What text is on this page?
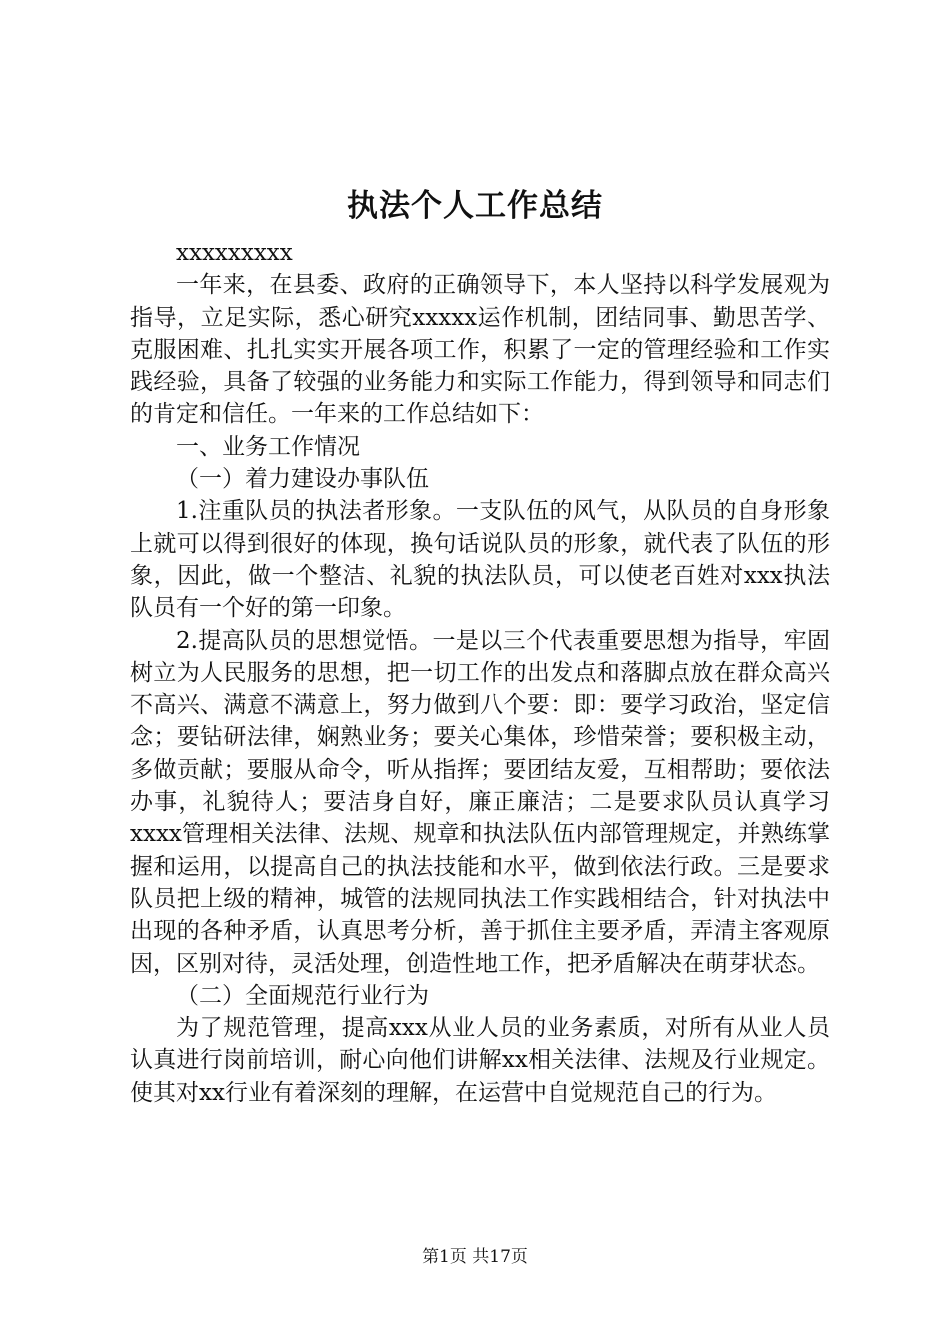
执法个人工作总结

xxxxxxxxx

一年来，在县委、政府的正确领导下，本人坚持以科学发展观为指导，立足实际，悉心研究xxxxx运作机制，团结同事、勤思苦学、克服困难、扎扎实实开展各项工作，积累了一定的管理经验和工作实践经验，具备了较强的业务能力和实际工作能力，得到领导和同志们的肯定和信任。一年来的工作总结如下：

一、业务工作情况

（一）着力建设办事队伍

1.注重队员的执法者形象。一支队伍的风气，从队员的自身形象上就可以得到很好的体现，换句话说队员的形象，就代表了队伍的形象，因此，做一个整洁、礼貌的执法队员，可以使老百姓对xxx执法队员有一个好的第一印象。

2.提高队员的思想觉悟。一是以三个代表重要思想为指导，牢固树立为人民服务的思想，把一切工作的出发点和落脚点放在群众高兴不高兴、满意不满意上，努力做到八个要：即：要学习政治，坚定信念；要钻研法律，娴熟业务；要关心集体，珍惜荣誉；要积极主动，多做贡献；要服从命令，听从指挥；要团结友爱，互相帮助；要依法办事，礼貌待人；要洁身自好，廉正廉洁；二是要求队员认真学习xxxx管理相关法律、法规、规章和执法队伍内部管理规定，并熟练掌握和运用，以提高自己的执法技能和水平，做到依法行政。三是要求队员把上级的精神，城管的法规同执法工作实践相结合，针对执法中出现的各种矛盾，认真思考分析，善于抓住主要矛盾，弄清主客观原因，区别对待，灵活处理，创造性地工作，把矛盾解决在萌芽状态。

（二）全面规范行业行为

为了规范管理，提高xxx从业人员的业务素质，对所有从业人员认真进行岗前培训，耐心向他们讲解xx相关法律、法规及行业规定。使其对xx行业有着深刻的理解，在运营中自觉规范自己的行为。

第1页 共17页
